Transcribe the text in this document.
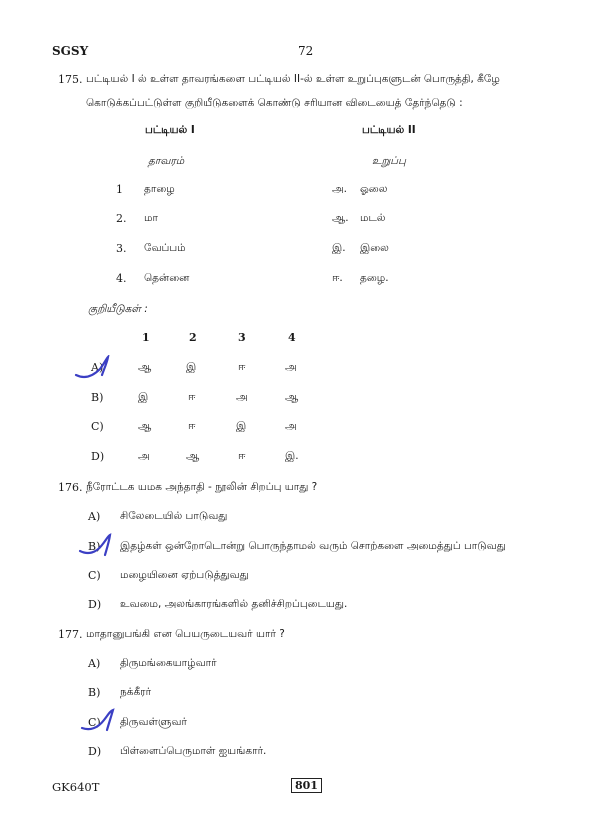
SGSY	72
175. பட்டியல் I ல் உள்ள தாவரங்களை பட்டியல் II-ல் உள்ள உறுப்புகளுடன் பொருத்தி, கீழே
கொடுக்கப்பட்டுள்ள குறியீடுகளைக் கொண்டு சரியான விடையைத் தேர்ந்தெடு :
பட்டியல் I	பட்டியல் II
தாவரம்	உறுப்பு
1 தாழை	அ. ஓலை
2. மா	ஆ. மடல்
3. வேப்பம்	இ. இலை
4. தென்னை	ஈ. தழை.
குறியீடுகள் :
1	2	3	4
A)	ஆ	இ	ஈ	அ
B)	இ	ஈ	அ	ஆ
C)	ஆ	ஈ	இ	அ
D)	அ	ஆ	ஈ	இ.
176. நீரோட்டக யமக அந்தாதி - நூலின் சிறப்பு யாது ?
A) சிலேடையில் பாடுவது
B) இதழ்கள் ஒன்றோடொன்று பொருந்தாமல் வரும் சொற்களை அமைத்துப் பாடுவது
C) மழையினை ஏற்படுத்துவது
D) உவமை, அலங்காரங்களில் தனிச்சிறப்புடையது.
177. மாதானுபங்கி என பெயருடையவர் யார் ?
A) திருமங்கையாழ்வார்
B) நக்கீரர்
C) திருவள்ளுவர்
D) பிள்ளைப்பெருமாள் ஐயங்கார்.
GK640T	801
